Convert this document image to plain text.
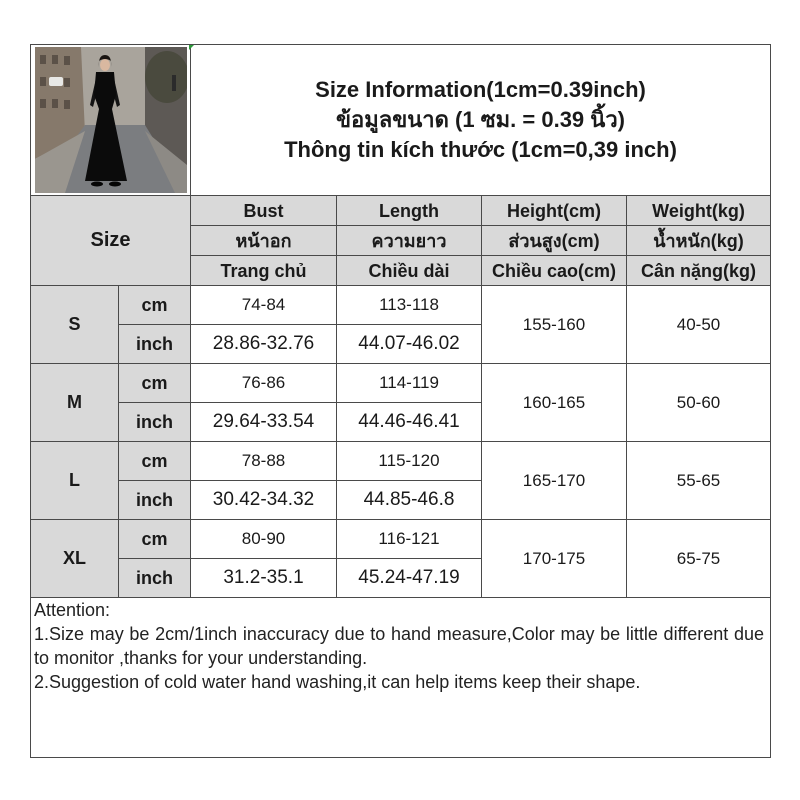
Size Information(1cm=0.39inch)
ข้อมูลขนาด (1 ซม. = 0.39 นิ้ว)
Thông tin kích thước (1cm=0,39 inch)			

Size		Bust	Length	Height(cm)	Weight(kg)
		หน้าอก	ความยาว	ส่วนสูง(cm)	น้ำหนัก(kg)
		Trang chủ	Chiều dài	Chiều cao(cm)	Cân nặng(kg)
S	cm	74-84	113-118	155-160	40-50
	inch	28.86-32.76	44.07-46.02		
M	cm	76-86	114-119	160-165	50-60
	inch	29.64-33.54	44.46-46.41		
L	cm	78-88	115-120	165-170	55-65
	inch	30.42-34.32	44.85-46.8		
XL	cm	80-90	116-121	170-175	65-75
	inch	31.2-35.1	45.24-47.19		

Attention:
1.Size may be 2cm/1inch inaccuracy due to hand measure,Color may be little different due to monitor ,thanks for your understanding.
2.Suggestion of cold water hand washing,it can help items keep their shape.					
